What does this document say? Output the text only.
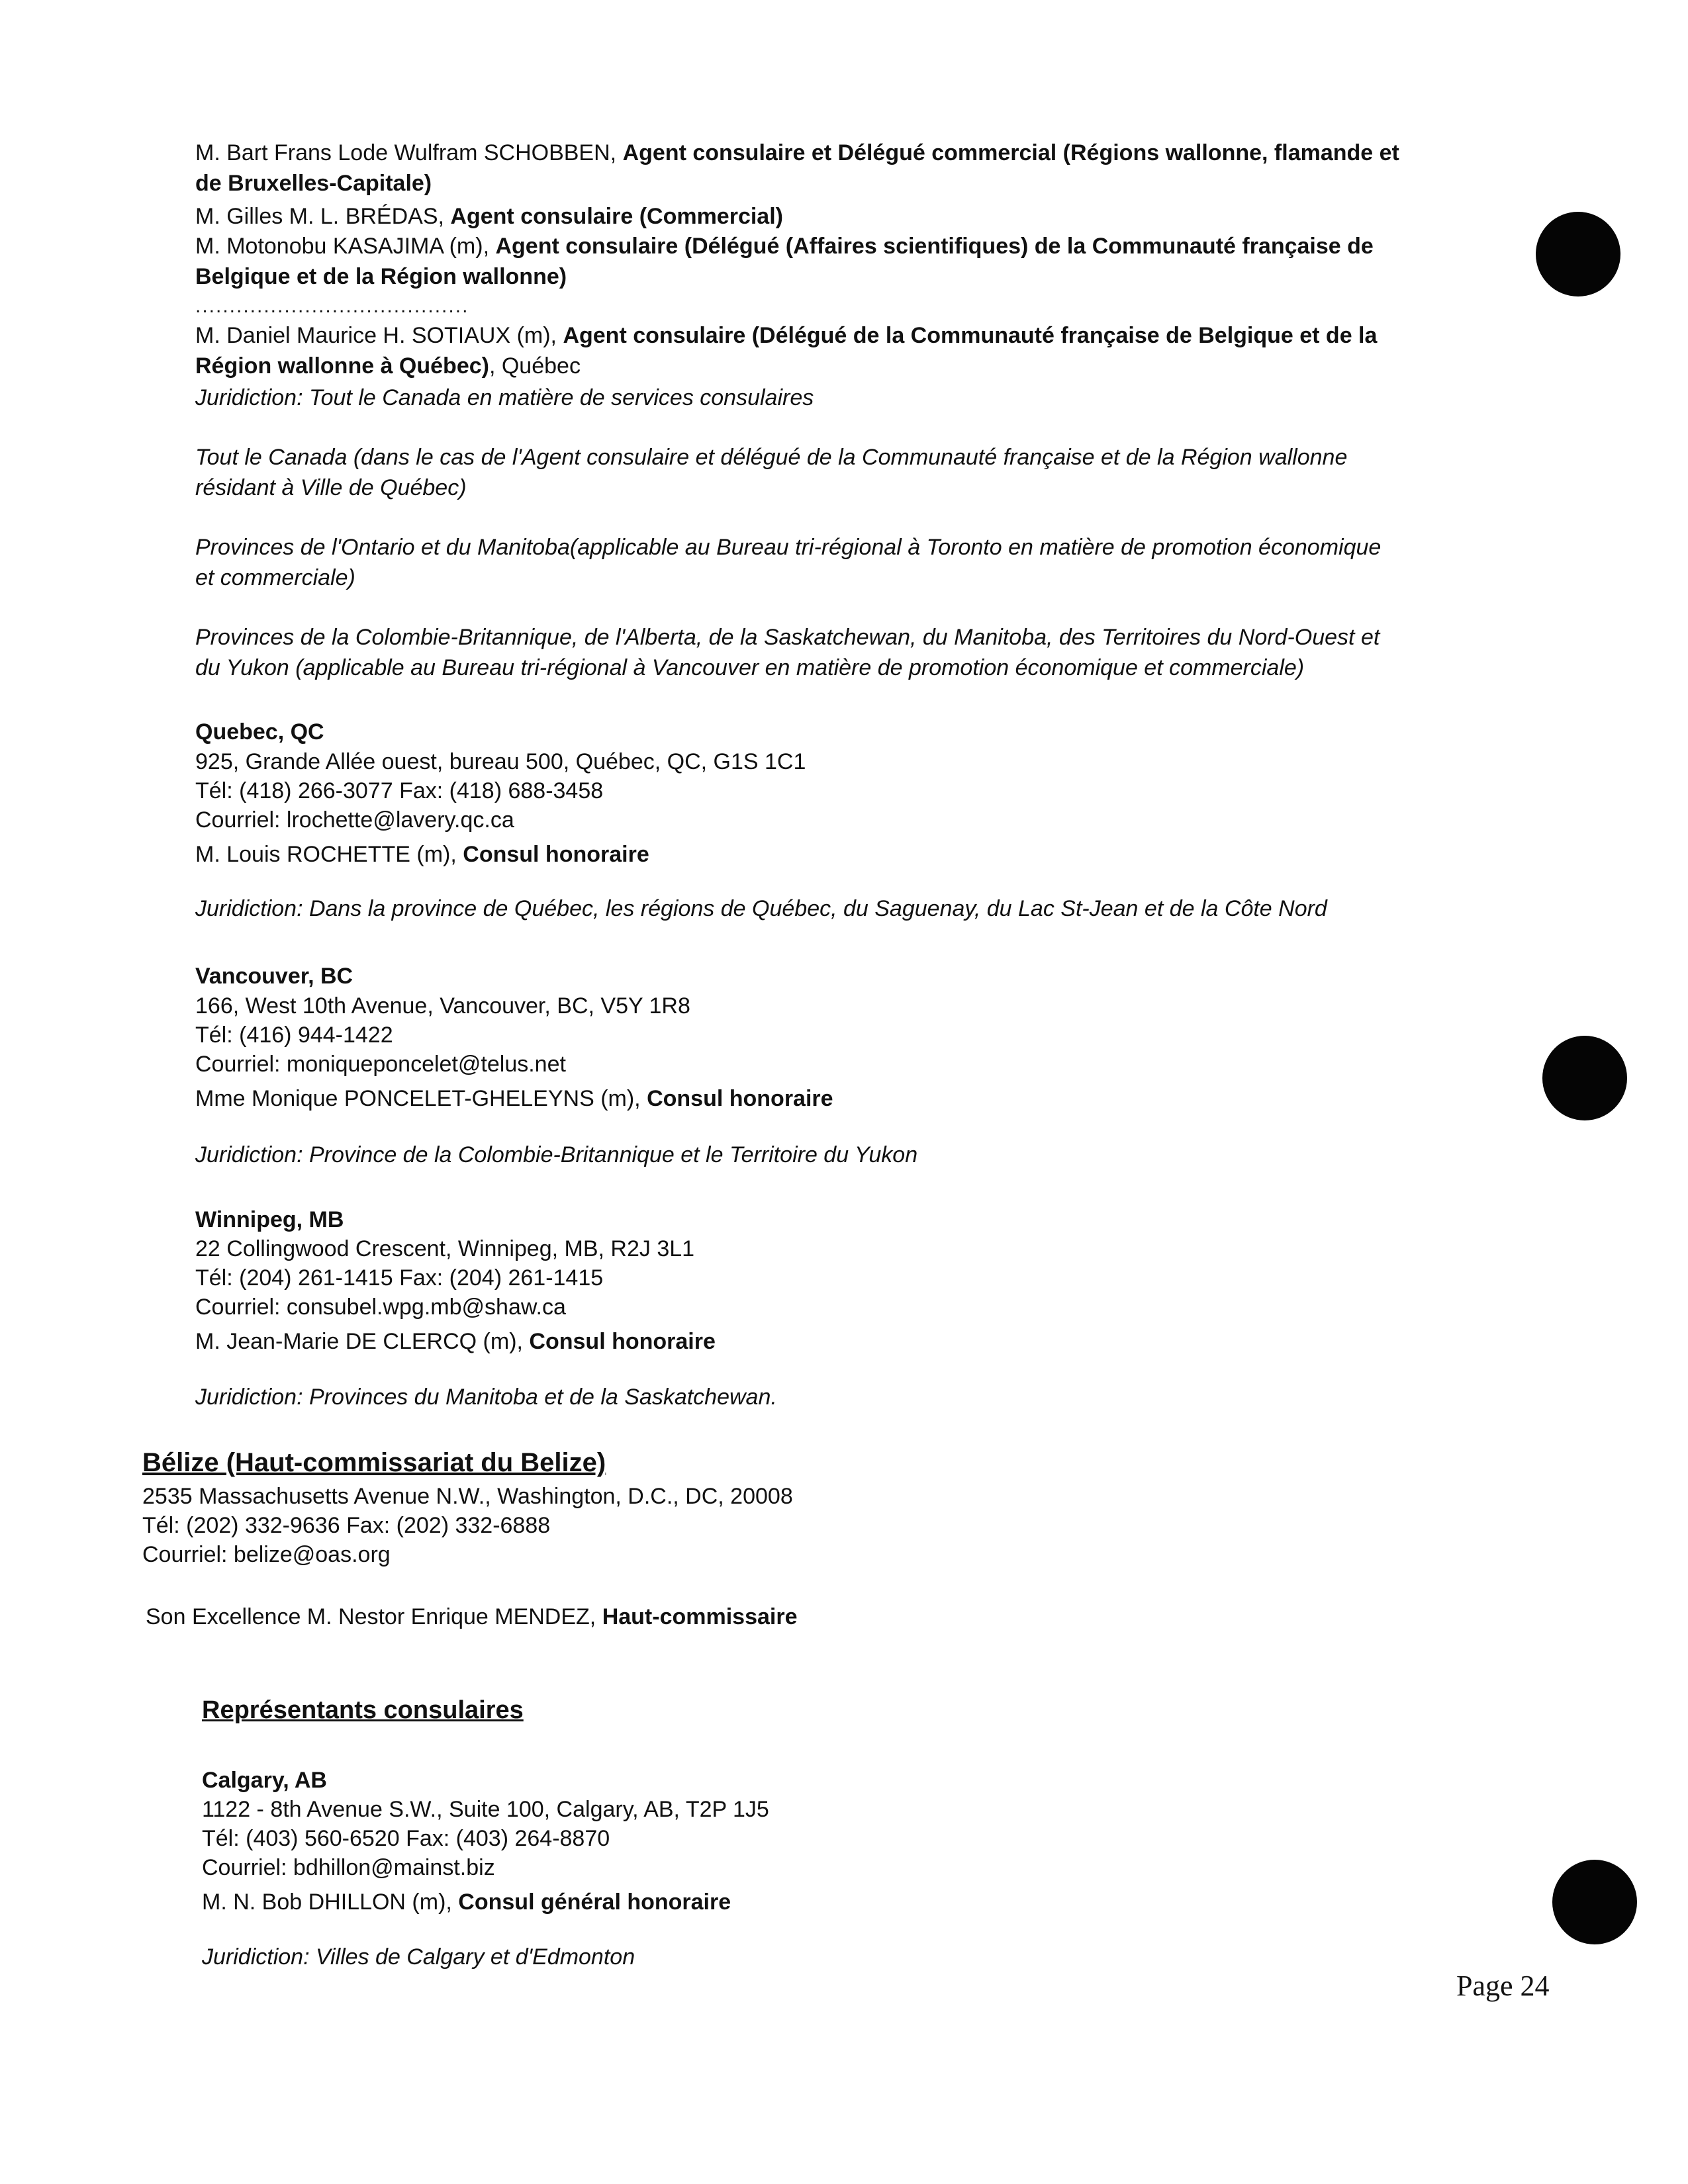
M. Bart Frans Lode Wulfram SCHOBBEN, Agent consulaire et Délégué commercial (Régions wallonne, flamande et
de Bruxelles-Capitale)
M. Gilles M. L. BRÉDAS, Agent consulaire (Commercial)
M. Motonobu KASAJIMA (m), Agent consulaire (Délégué (Affaires scientifiques) de la Communauté française de
Belgique et de la Région wallonne)
........................................
M. Daniel Maurice H. SOTIAUX (m), Agent consulaire (Délégué de la Communauté française de Belgique et de la
Région wallonne à Québec), Québec
Juridiction: Tout le Canada en matière de services consulaires
Tout le Canada (dans le cas de l'Agent consulaire et délégué de la Communauté française et de la Région wallonne
résidant à Ville de Québec)
Provinces de l'Ontario et du Manitoba(applicable au Bureau tri-régional à Toronto en matière de promotion économique
et commerciale)
Provinces de la Colombie-Britannique, de l'Alberta, de la Saskatchewan, du Manitoba, des Territoires du Nord-Ouest et
du Yukon (applicable au Bureau tri-régional à Vancouver en matière de promotion économique et commerciale)
Quebec, QC
925, Grande Allée ouest, bureau 500, Québec, QC, G1S 1C1
Tél: (418) 266-3077 Fax: (418) 688-3458
Courriel: lrochette@lavery.qc.ca
M. Louis ROCHETTE (m), Consul honoraire
Juridiction: Dans la province de Québec, les régions de Québec, du Saguenay, du Lac St-Jean et de la Côte Nord
Vancouver, BC
166, West 10th Avenue, Vancouver, BC, V5Y 1R8
Tél: (416) 944-1422
Courriel: moniqueponcelet@telus.net
Mme Monique PONCELET-GHELEYNS (m), Consul honoraire
Juridiction: Province de la Colombie-Britannique et le Territoire du Yukon
Winnipeg, MB
22 Collingwood Crescent, Winnipeg, MB, R2J 3L1
Tél: (204) 261-1415 Fax: (204) 261-1415
Courriel: consubel.wpg.mb@shaw.ca
M. Jean-Marie DE CLERCQ (m), Consul honoraire
Juridiction: Provinces du Manitoba et de la Saskatchewan.
Bélize (Haut-commissariat du Belize)
2535 Massachusetts Avenue N.W., Washington, D.C., DC, 20008
Tél: (202) 332-9636 Fax: (202) 332-6888
Courriel: belize@oas.org
Son Excellence M. Nestor Enrique MENDEZ, Haut-commissaire
Représentants consulaires
Calgary, AB
1122 - 8th Avenue S.W., Suite 100, Calgary, AB, T2P 1J5
Tél: (403) 560-6520 Fax: (403) 264-8870
Courriel: bdhillon@mainst.biz
M. N. Bob DHILLON (m), Consul général honoraire
Juridiction: Villes de Calgary et d'Edmonton
Page 24
